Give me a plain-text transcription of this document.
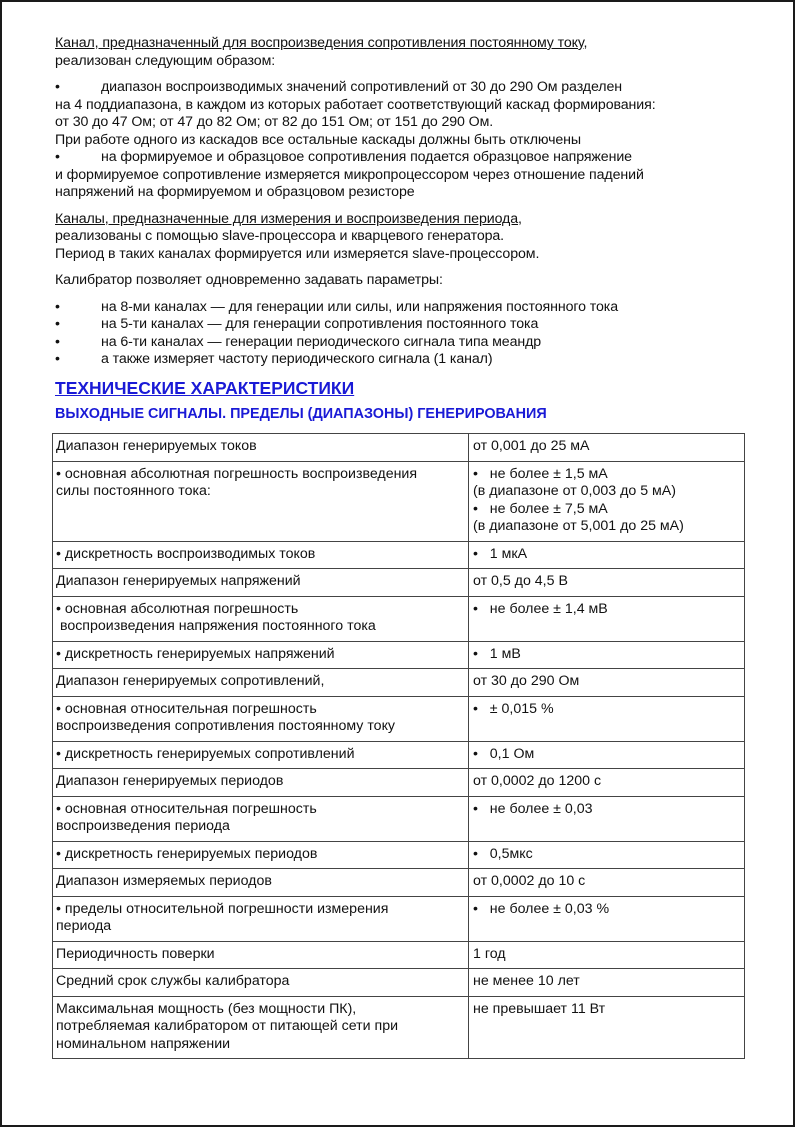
Канал, предназначенный для воспроизведения сопротивления постоянному току,

реализован следующим образом:

•	диапазон воспроизводимых значений сопротивлений от 30 до 290 Ом разделен

на 4 поддиапазона, в каждом из которых работает соответствующий каскад формирования:

от 30 до 47 Ом; от 47 до 82 Ом; от 82 до 151 Ом; от 151 до 290 Ом.

При работе одного из каскадов все остальные каскады должны быть отключены

•	на формируемое и образцовое сопротивления подается образцовое напряжение

и формируемое сопротивление измеряется микропроцессором через отношение падений

напряжений на формируемом и образцовом резисторе

Каналы, предназначенные для измерения и воспроизведения периода,

реализованы с помощью slave-процессора и кварцевого генератора.

Период в таких каналах формируется или измеряется slave-процессором.

Калибратор позволяет одновременно задавать параметры:

•	на 8-ми каналах — для генерации или силы, или напряжения постоянного тока

•	на 5-ти каналах — для генерации сопротивления постоянного тока

•	на 6-ти каналах — генерации периодического сигнала типа меандр

•	а также измеряет частоту периодического сигнала (1 канал)

ТЕХНИЧЕСКИЕ ХАРАКТЕРИСТИКИ
ВЫХОДНЫЕ СИГНАЛЫ. ПРЕДЕЛЫ (ДИАПАЗОНЫ) ГЕНЕРИРОВАНИЯ
Диапазон генерируемых токов	от 0,001 до 25 мА

• основная абсолютная погрешность воспроизведения
силы постоянного тока:	•   не более ± 1,5 мА
(в диапазоне от 0,003 до 5 мА)
•   не более ± 7,5 мА
(в диапазоне от 5,001 до 25 мА)

• дискретность воспроизводимых токов	•   1 мкА

Диапазон генерируемых напряжений	от 0,5 до 4,5 В

• основная абсолютная погрешность
воспроизведения напряжения постоянного тока	•   не более ± 1,4 мВ

• дискретность генерируемых напряжений	•   1 мВ

Диапазон генерируемых сопротивлений,	от 30 до 290 Ом

• основная относительная погрешность
воспроизведения сопротивления постоянному току	•   ± 0,015 %

• дискретность генерируемых сопротивлений	•   0,1 Ом

Диапазон генерируемых периодов	от 0,0002 до 1200 с

• основная относительная погрешность
воспроизведения периода	•   не более ± 0,03

• дискретность генерируемых периодов	•   0,5мкс

Диапазон измеряемых периодов	от 0,0002 до 10 с

• пределы относительной погрешности измерения
периода	•   не более ± 0,03 %

Периодичность поверки	1 год

Средний срок службы калибратора	не менее 10 лет

Максимальная мощность (без мощности ПК),
потребляемая калибратором от питающей сети при
номинальном напряжении	не превышает 11 Вт
